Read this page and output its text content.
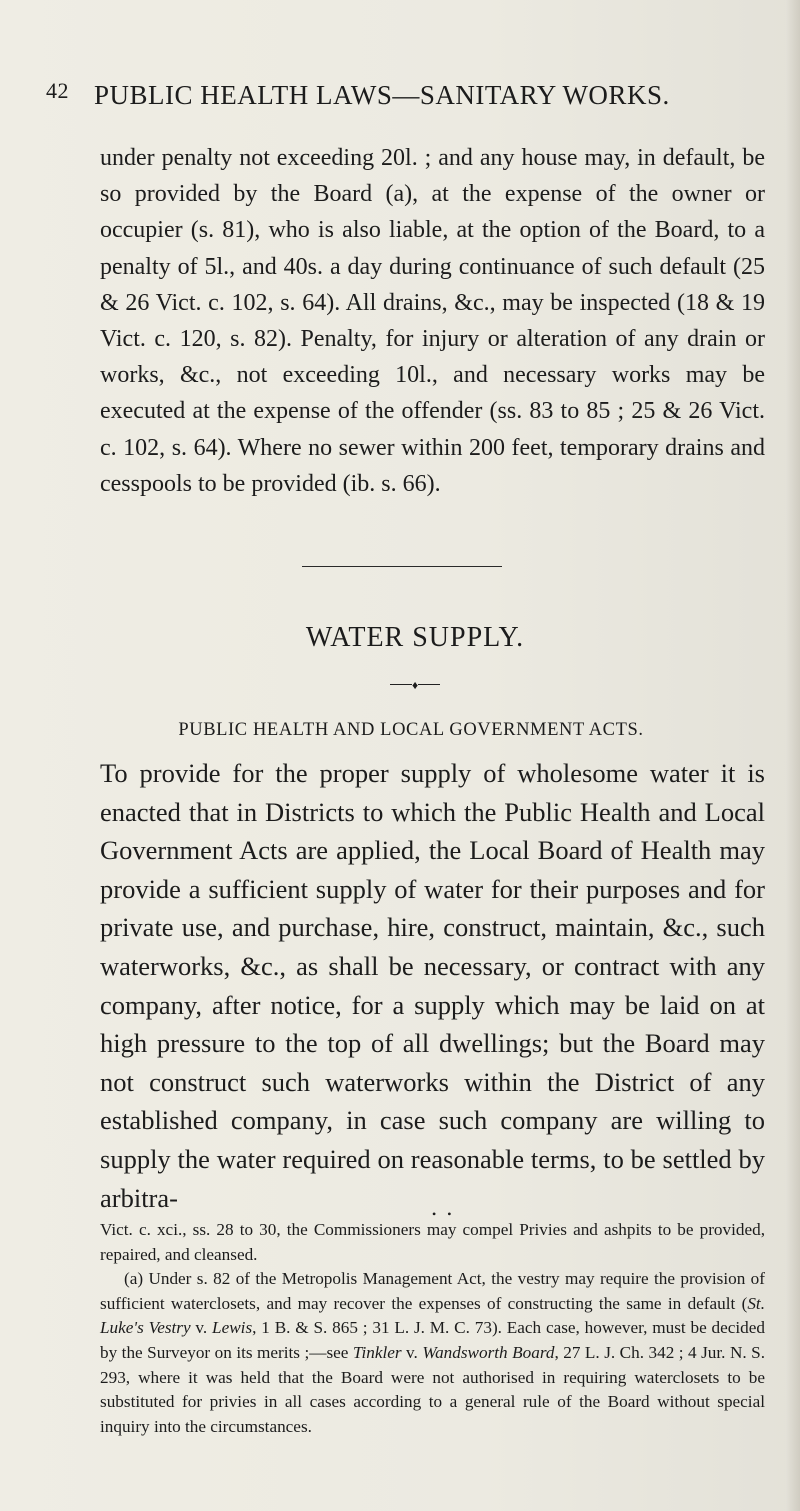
42 PUBLIC HEALTH LAWS—SANITARY WORKS.

under penalty not exceeding 20l. ; and any house may, in default, be so provided by the Board (a), at the expense of the owner or occupier (s. 81), who is also liable, at the option of the Board, to a penalty of 5l., and 40s. a day during continuance of such default (25 & 26 Vict. c. 102, s. 64). All drains, &c., may be inspected (18 & 19 Vict. c. 120, s. 82). Penalty, for injury or alteration of any drain or works, &c., not exceeding 10l., and necessary works may be executed at the expense of the offender (ss. 83 to 85 ; 25 & 26 Vict. c. 102, s. 64). Where no sewer within 200 feet, temporary drains and cesspools to be provided (ib. s. 66).

WATER SUPPLY.
♦
PUBLIC HEALTH AND LOCAL GOVERNMENT ACTS.

To provide for the proper supply of wholesome water it is enacted that in Districts to which the Public Health and Local Government Acts are applied, the Local Board of Health may provide a sufficient supply of water for their purposes and for private use, and purchase, hire, construct, maintain, &c., such waterworks, &c., as shall be necessary, or contract with any company, after notice, for a supply which may be laid on at high pressure to the top of all dwellings; but the Board may not construct such waterworks within the District of any established company, in case such company are willing to supply the water required on reasonable terms, to be settled by arbitra-

• •

Vict. c. xci., ss. 28 to 30, the Commissioners may compel Privies and ashpits to be provided, repaired, and cleansed.

(a) Under s. 82 of the Metropolis Management Act, the vestry may require the provision of sufficient waterclosets, and may recover the expenses of constructing the same in default (St. Luke's Vestry v. Lewis, 1 B. & S. 865 ; 31 L. J. M. C. 73). Each case, however, must be decided by the Surveyor on its merits ;—see Tinkler v. Wandsworth Board, 27 L. J. Ch. 342 ; 4 Jur. N. S. 293, where it was held that the Board were not authorised in requiring waterclosets to be substituted for privies in all cases according to a general rule of the Board without special inquiry into the circumstances.
